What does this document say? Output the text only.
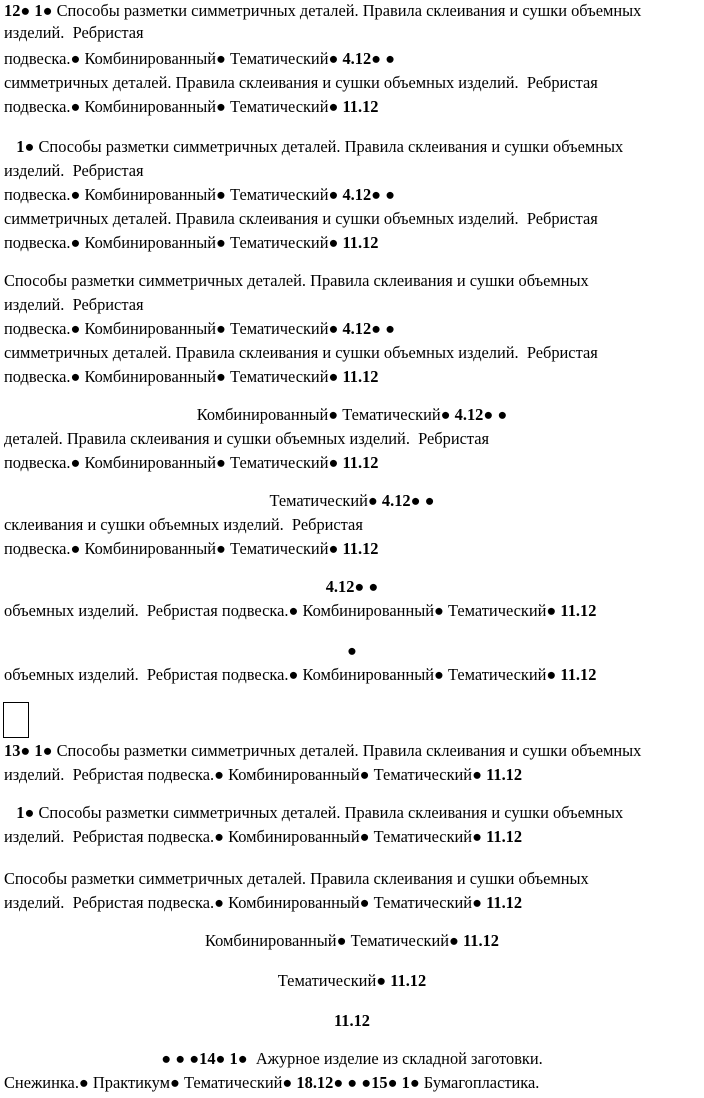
12● 1● Способы разметки симметричных деталей. Правила склеивания и сушки объемных
изделий.  Ребристая
подвеска.● Комбинированный● Тематический● 4.12● ●
симметричных деталей. Правила склеивания и сушки объемных изделий.  Ребристая
подвеска.● Комбинированный● Тематический● 11.12
1● Способы разметки симметричных деталей. Правила склеивания и сушки объемных
изделий.  Ребристая
подвеска.● Комбинированный● Тематический● 4.12● ●
симметричных деталей. Правила склеивания и сушки объемных изделий.  Ребристая
подвеска.● Комбинированный● Тематический● 11.12
Способы разметки симметричных деталей. Правила склеивания и сушки объемных
изделий.  Ребристая
подвеска.● Комбинированный● Тематический● 4.12● ●
симметричных деталей. Правила склеивания и сушки объемных изделий.  Ребристая
подвеска.● Комбинированный● Тематический● 11.12
Комбинированный● Тематический● 4.12● ●
деталей. Правила склеивания и сушки объемных изделий.  Ребристая
подвеска.● Комбинированный● Тематический● 11.12
Тематический● 4.12● ●
склеивания и сушки объемных изделий.  Ребристая
подвеска.● Комбинированный● Тематический● 11.12
4.12● ●
объемных изделий.  Ребристая подвеска.● Комбинированный● Тематический● 11.12
●
объемных изделий.  Ребристая подвеска.● Комбинированный● Тематический● 11.12
13● 1● Способы разметки симметричных деталей. Правила склеивания и сушки объемных
изделий.  Ребристая подвеска.● Комбинированный● Тематический● 11.12
1● Способы разметки симметричных деталей. Правила склеивания и сушки объемных
изделий.  Ребристая подвеска.● Комбинированный● Тематический● 11.12
Способы разметки симметричных деталей. Правила склеивания и сушки объемных
изделий.  Ребристая подвеска.● Комбинированный● Тематический● 11.12
Комбинированный● Тематический● 11.12
Тематический● 11.12
11.12
● ● ●14● 1●  Ажурное изделие из складной заготовки.
Снежинка.● Практикум● Тематический● 18.12● ● ●15● 1● Бумагопластика.
